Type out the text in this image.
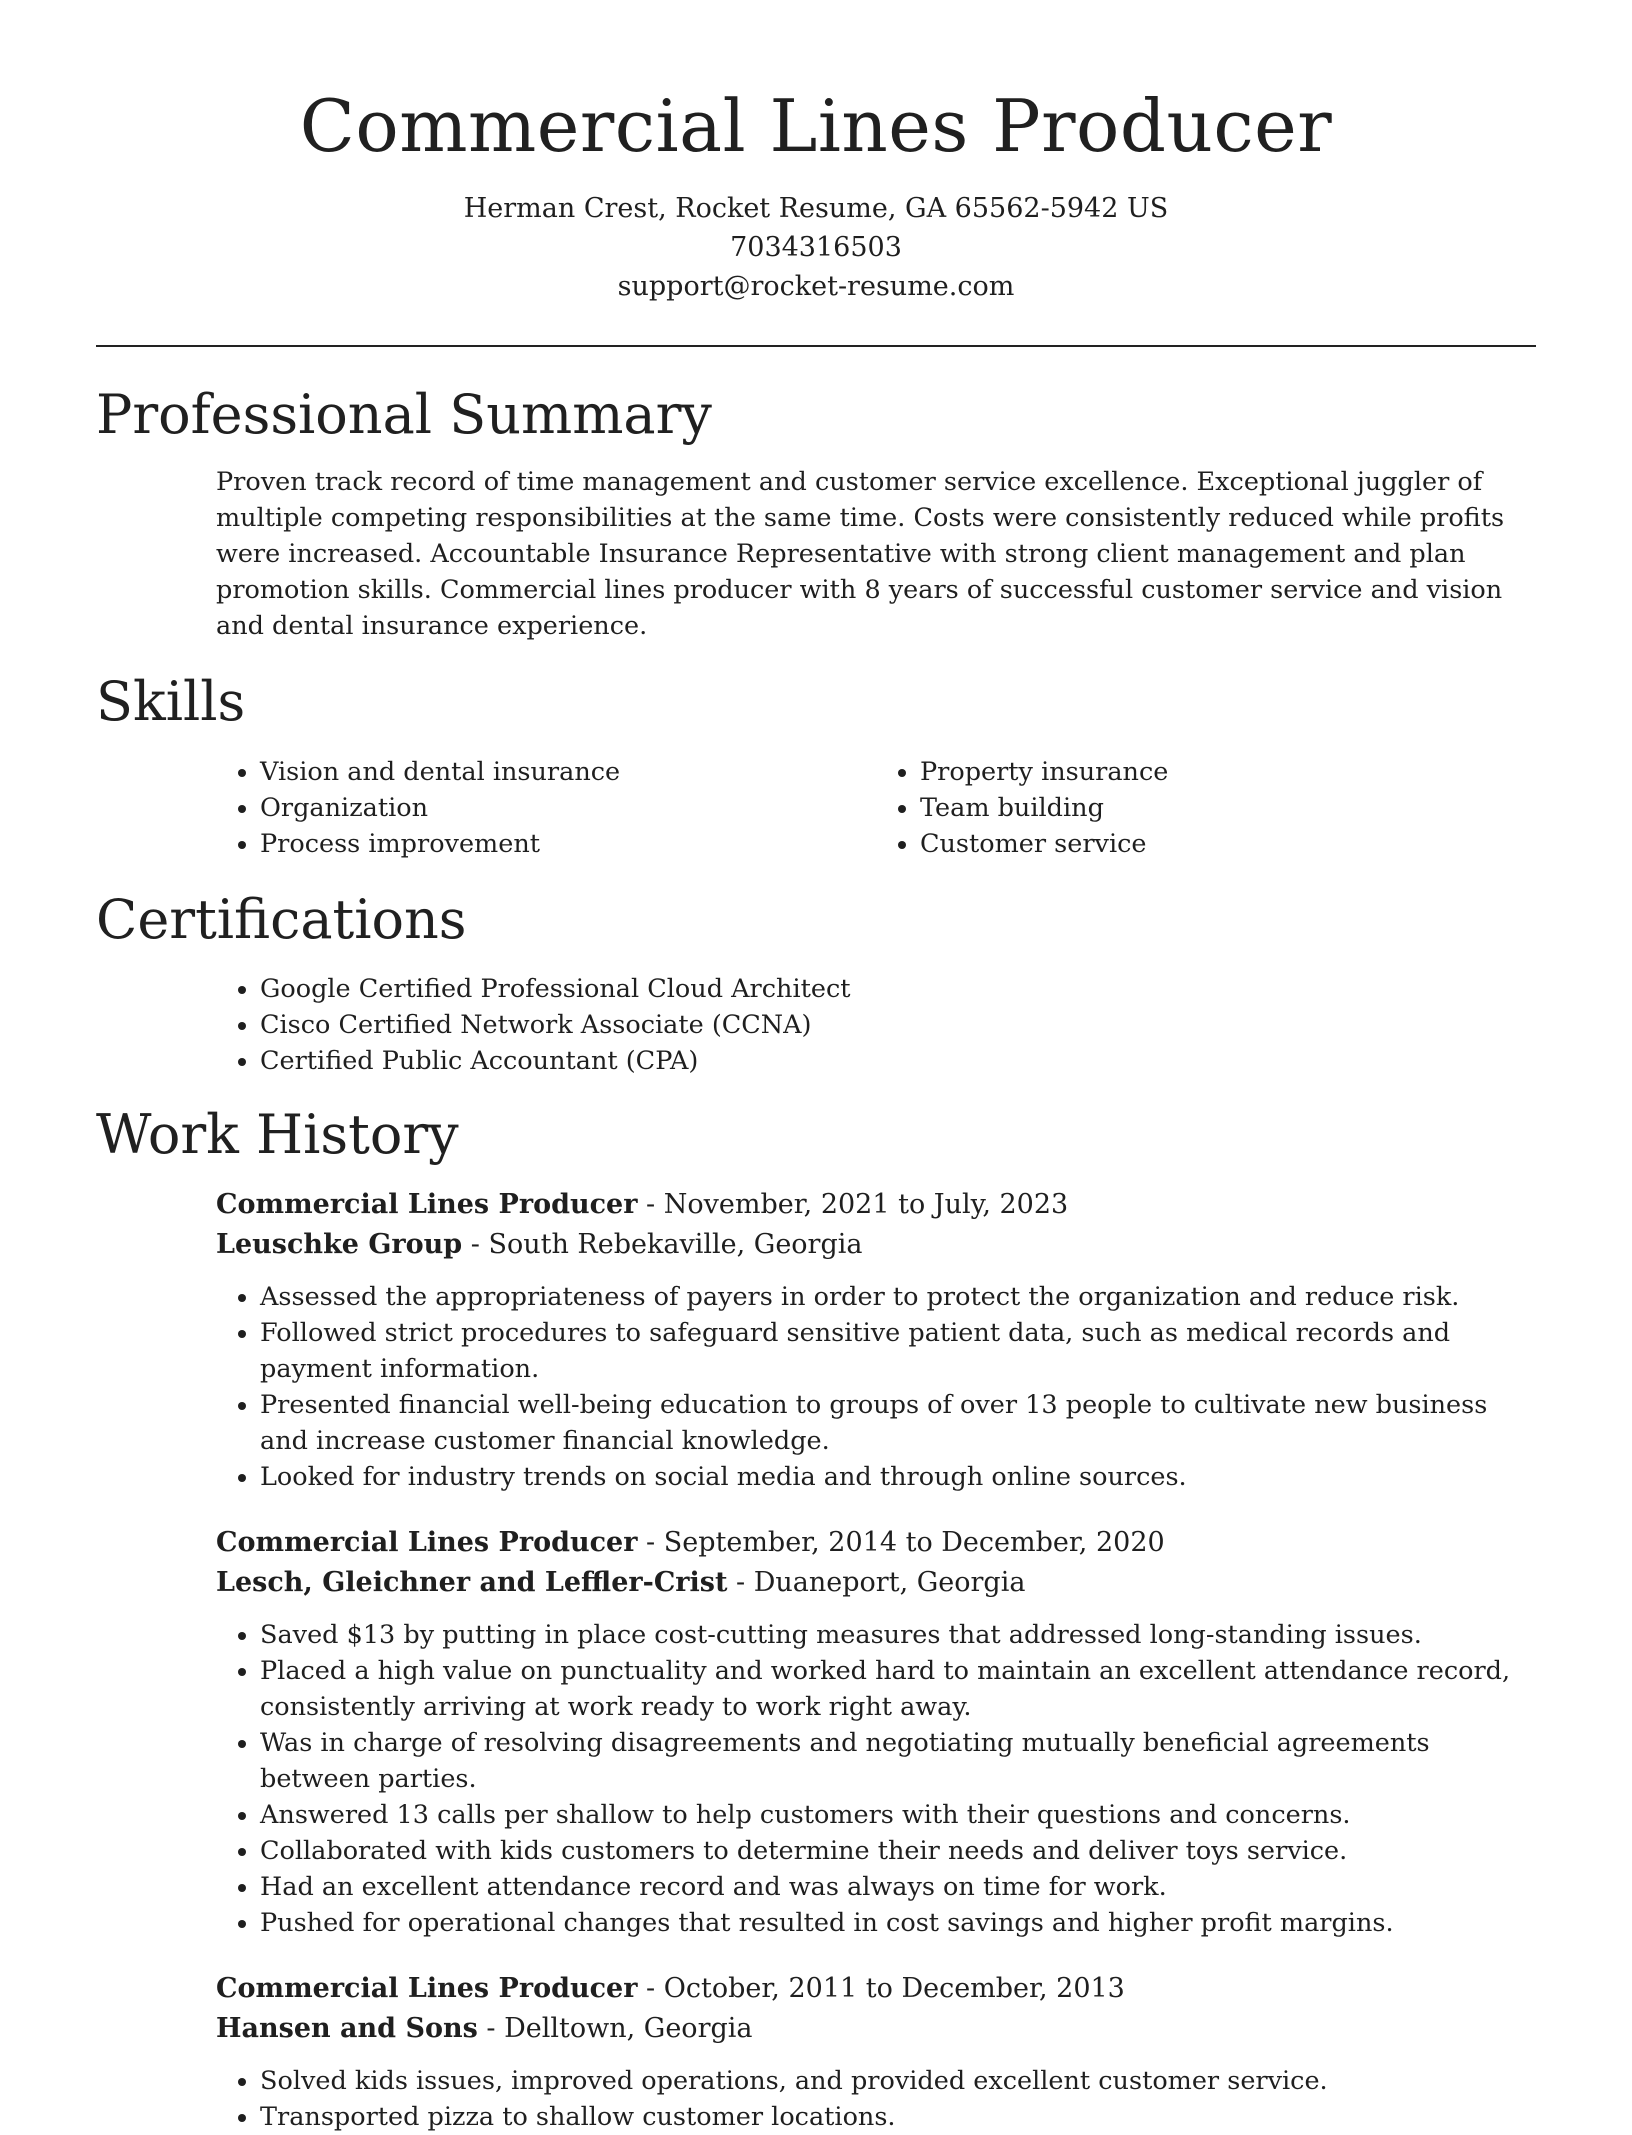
Commercial Lines Producer
Herman Crest, Rocket Resume, GA 65562-5942 US
7034316503
support@rocket-resume.com
Professional Summary

Proven track record of time management and customer service excellence. Exceptional juggler of multiple competing responsibilities at the same time. Costs were consistently reduced while profits were increased. Accountable Insurance Representative with strong client management and plan promotion skills. Commercial lines producer with 8 years of successful customer service and vision and dental insurance experience.

Skills
• Vision and dental insurance
• Organization
• Process improvement
• Property insurance
• Team building
• Customer service
Certifications
• Google Certified Professional Cloud Architect
• Cisco Certified Network Associate (CCNA)
• Certified Public Accountant (CPA)
Work History
Commercial Lines Producer - November, 2021 to July, 2023
Leuschke Group - South Rebekaville, Georgia
• Assessed the appropriateness of payers in order to protect the organization and reduce risk.
• Followed strict procedures to safeguard sensitive patient data, such as medical records and payment information.
• Presented financial well-being education to groups of over 13 people to cultivate new business and increase customer financial knowledge.
• Looked for industry trends on social media and through online sources.
Commercial Lines Producer - September, 2014 to December, 2020
Lesch, Gleichner and Leffler-Crist - Duaneport, Georgia
• Saved $13 by putting in place cost-cutting measures that addressed long-standing issues.
• Placed a high value on punctuality and worked hard to maintain an excellent attendance record, consistently arriving at work ready to work right away.
• Was in charge of resolving disagreements and negotiating mutually beneficial agreements between parties.
• Answered 13 calls per shallow to help customers with their questions and concerns.
• Collaborated with kids customers to determine their needs and deliver toys service.
• Had an excellent attendance record and was always on time for work.
• Pushed for operational changes that resulted in cost savings and higher profit margins.
Commercial Lines Producer - October, 2011 to December, 2013
Hansen and Sons - Delltown, Georgia
• Solved kids issues, improved operations, and provided excellent customer service.
• Transported pizza to shallow customer locations.
